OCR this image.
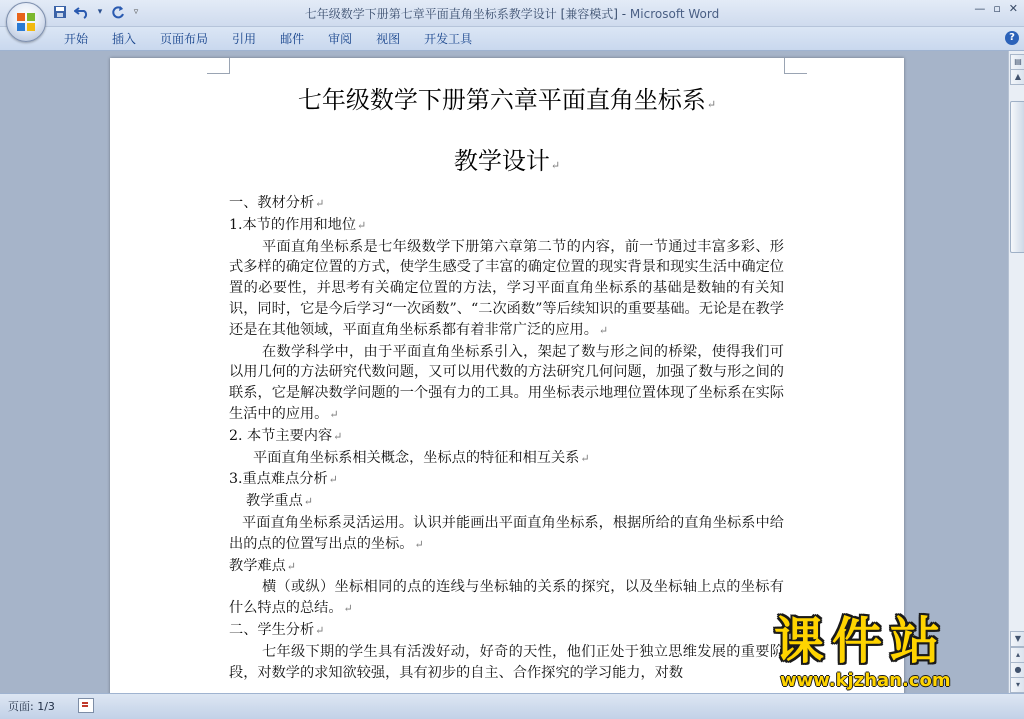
▾	▿	七年级数学下册第七章平面直角坐标系教学设计 [兼容模式] - Microsoft Word	— ▫ ✕
开始	插入	页面布局	引用	邮件	审阅	视图	开发工具	?
七年级数学下册第六章平面直角坐标系↵
教学设计↵

一、教材分析↵

1.本节的作用和地位↵

平面直角坐标系是七年级数学下册第六章第二节的内容，前一节通过丰富多彩、形式多样的确定位置的方式，使学生感受了丰富的确定位置的现实背景和现实生活中确定位置的必要性，并思考有关确定位置的方法，学习平面直角坐标系的基础是数轴的有关知识，同时，它是今后学习“一次函数”、“二次函数”等后续知识的重要基础。无论是在教学还是在其他领域，平面直角坐标系都有着非常广泛的应用。↵

在数学科学中，由于平面直角坐标系引入，架起了数与形之间的桥梁，使得我们可以用几何的方法研究代数问题，又可以用代数的方法研究几何问题，加强了数与形之间的联系，它是解决数学问题的一个强有力的工具。用坐标表示地理位置体现了坐标系在实际生活中的应用。↵

2. 本节主要内容↵

平面直角坐标系相关概念，坐标点的特征和相互关系↵

3.重点难点分析↵

教学重点↵

平面直角坐标系灵活运用。认识并能画出平面直角坐标系，根据所给的直角坐标系中给出的点的位置写出点的坐标。↵

教学难点↵

横（或纵）坐标相同的点的连线与坐标轴的关系的探究，以及坐标轴上点的坐标有什么特点的总结。↵

二、学生分析↵

七年级下期的学生具有活泼好动，好奇的天性，他们正处于独立思维发展的重要阶段，对数学的求知欲较强，具有初步的自主、合作探究的学习能力，对数

▤
▲
▼
▴
●
▾
页面: 1/3
课件站
www.kjzhan.com
